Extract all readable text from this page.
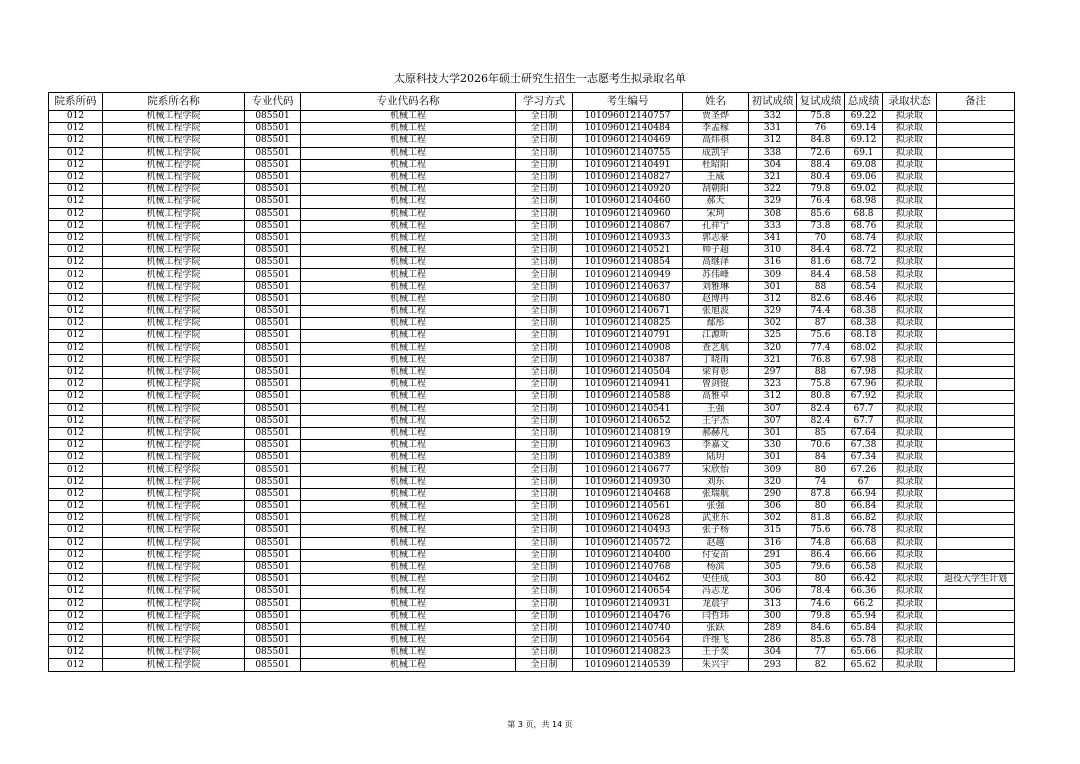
太原科技大学2026年硕士研究生招生一志愿考生拟录取名单
院系所码	院系所名称	专业代码	专业代码名称	学习方式	考生编号	姓名	初试成绩	复试成绩	总成绩	录取状态	备注
012	机械工程学院	085501	机械工程	全日制	101096012140757	贾圣烨	332	75.8	69.22	拟录取	
012	机械工程学院	085501	机械工程	全日制	101096012140484	李孟稼	331	76	69.14	拟录取	
012	机械工程学院	085501	机械工程	全日制	101096012140469	高炜祺	312	84.8	69.12	拟录取	
012	机械工程学院	085501	机械工程	全日制	101096012140755	成凯宇	338	72.6	69.1	拟录取	
012	机械工程学院	085501	机械工程	全日制	101096012140491	杜昭阳	304	88.4	69.08	拟录取	
012	机械工程学院	085501	机械工程	全日制	101096012140827	王威	321	80.4	69.06	拟录取	
012	机械工程学院	085501	机械工程	全日制	101096012140920	刮朝阳	322	79.8	69.02	拟录取	
012	机械工程学院	085501	机械工程	全日制	101096012140460	郝天	329	76.4	68.98	拟录取	
012	机械工程学院	085501	机械工程	全日制	101096012140960	宋珂	308	85.6	68.8	拟录取	
012	机械工程学院	085501	机械工程	全日制	101096012140867	孔祥宁	333	73.8	68.76	拟录取	
012	机械工程学院	085501	机械工程	全日制	101096012140933	郭志豪	341	70	68.74	拟录取	
012	机械工程学院	085501	机械工程	全日制	101096012140521	帅子超	310	84.4	68.72	拟录取	
012	机械工程学院	085501	机械工程	全日制	101096012140854	高继泽	316	81.6	68.72	拟录取	
012	机械工程学院	085501	机械工程	全日制	101096012140949	苏伟峰	309	84.4	68.58	拟录取	
012	机械工程学院	085501	机械工程	全日制	101096012140637	刘雅琳	301	88	68.54	拟录取	
012	机械工程学院	085501	机械工程	全日制	101096012140680	赵博冉	312	82.6	68.46	拟录取	
012	机械工程学院	085501	机械工程	全日制	101096012140671	张旭波	329	74.4	68.38	拟录取	
012	机械工程学院	085501	机械工程	全日制	101096012140825	鄢彤	302	87	68.38	拟录取	
012	机械工程学院	085501	机械工程	全日制	101096012140791	江源昕	325	75.6	68.18	拟录取	
012	机械工程学院	085501	机械工程	全日制	101096012140908	查艺航	320	77.4	68.02	拟录取	
012	机械工程学院	085501	机械工程	全日制	101096012140387	丁晓雨	321	76.8	67.98	拟录取	
012	机械工程学院	085501	机械工程	全日制	101096012140504	梁育彰	297	88	67.98	拟录取	
012	机械工程学院	085501	机械工程	全日制	101096012140941	曾剑锟	323	75.8	67.96	拟录取	
012	机械工程学院	085501	机械工程	全日制	101096012140588	高雅卓	312	80.8	67.92	拟录取	
012	机械工程学院	085501	机械工程	全日制	101096012140541	王强	307	82.4	67.7	拟录取	
012	机械工程学院	085501	机械工程	全日制	101096012140652	王宇杰	307	82.4	67.7	拟录取	
012	机械工程学院	085501	机械工程	全日制	101096012140819	郝赫凡	301	85	67.64	拟录取	
012	机械工程学院	085501	机械工程	全日制	101096012140963	李嘉文	330	70.6	67.38	拟录取	
012	机械工程学院	085501	机械工程	全日制	101096012140389	陆玥	301	84	67.34	拟录取	
012	机械工程学院	085501	机械工程	全日制	101096012140677	宋欣怡	309	80	67.26	拟录取	
012	机械工程学院	085501	机械工程	全日制	101096012140930	刘东	320	74	67	拟录取	
012	机械工程学院	085501	机械工程	全日制	101096012140468	张瑞航	290	87.8	66.94	拟录取	
012	机械工程学院	085501	机械工程	全日制	101096012140561	张强	306	80	66.84	拟录取	
012	机械工程学院	085501	机械工程	全日制	101096012140628	武亚东	302	81.8	66.82	拟录取	
012	机械工程学院	085501	机械工程	全日制	101096012140493	张子杨	315	75.6	66.78	拟录取	
012	机械工程学院	085501	机械工程	全日制	101096012140572	赵越	316	74.8	66.68	拟录取	
012	机械工程学院	085501	机械工程	全日制	101096012140400	付安苗	291	86.4	66.66	拟录取	
012	机械工程学院	085501	机械工程	全日制	101096012140768	杨滨	305	79.6	66.58	拟录取	
012	机械工程学院	085501	机械工程	全日制	101096012140462	史佳成	303	80	66.42	拟录取	退役大学生计划
012	机械工程学院	085501	机械工程	全日制	101096012140654	冯志龙	306	78.4	66.36	拟录取	
012	机械工程学院	085501	机械工程	全日制	101096012140931	龙晨宇	313	74.6	66.2	拟录取	
012	机械工程学院	085501	机械工程	全日制	101096012140476	闫哲玮	300	79.8	65.94	拟录取	
012	机械工程学院	085501	机械工程	全日制	101096012140740	张跃	289	84.6	65.84	拟录取	
012	机械工程学院	085501	机械工程	全日制	101096012140564	许维飞	286	85.8	65.78	拟录取	
012	机械工程学院	085501	机械工程	全日制	101096012140823	王子奕	304	77	65.66	拟录取	
012	机械工程学院	085501	机械工程	全日制	101096012140539	朱兴宇	293	82	65.62	拟录取	
第 3 页，共 14 页
